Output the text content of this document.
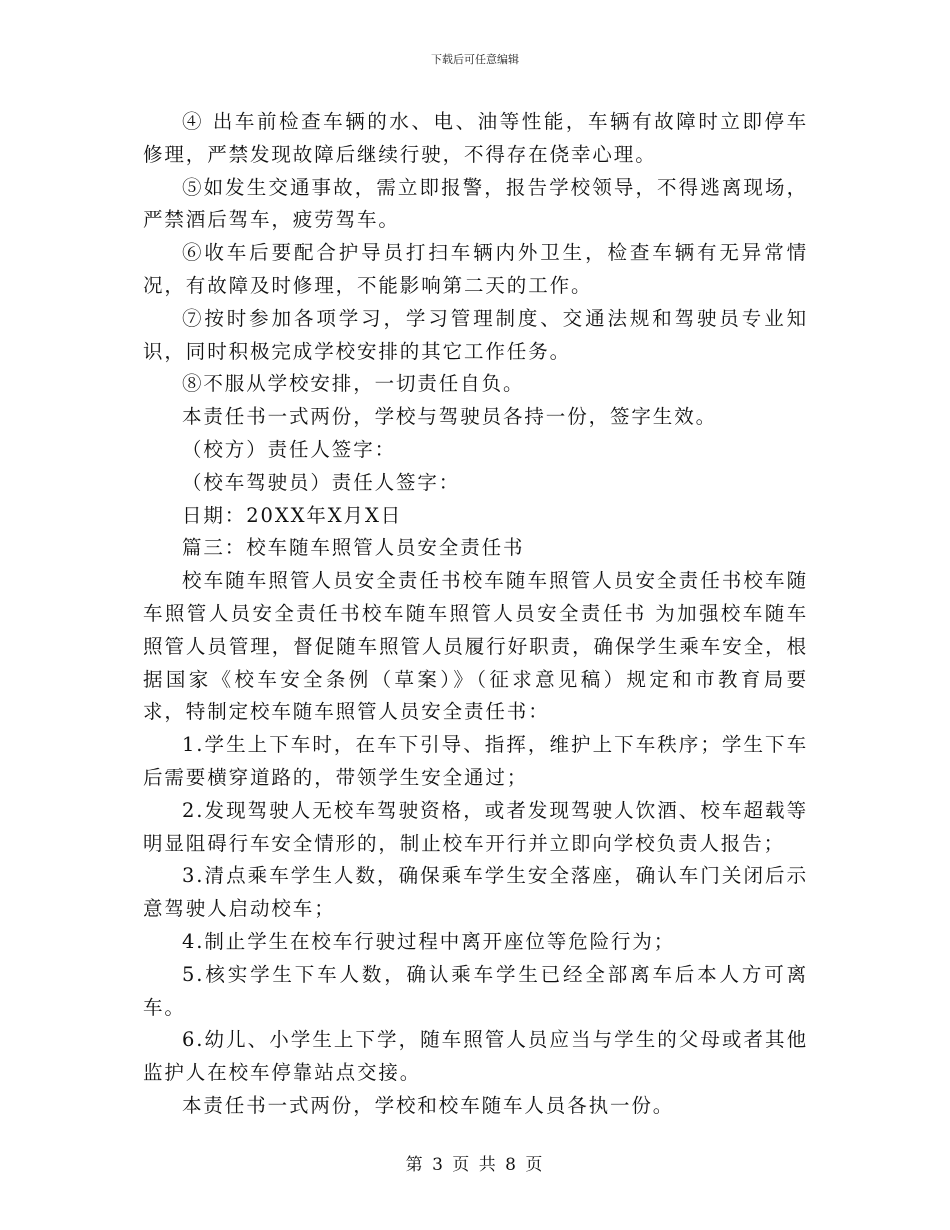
下载后可任意编辑

④ 出车前检查车辆的水、电、油等性能，车辆有故障时立即停车修理，严禁发现故障后继续行驶，不得存在侥幸心理。

⑤如发生交通事故，需立即报警，报告学校领导，不得逃离现场，严禁酒后驾车，疲劳驾车。

⑥收车后要配合护导员打扫车辆内外卫生，检查车辆有无异常情况，有故障及时修理，不能影响第二天的工作。

⑦按时参加各项学习，学习管理制度、交通法规和驾驶员专业知识，同时积极完成学校安排的其它工作任务。

⑧不服从学校安排，一切责任自负。

本责任书一式两份，学校与驾驶员各持一份，签字生效。

（校方）责任人签字：

（校车驾驶员）责任人签字：

日期：20XX年X月X日

篇三：校车随车照管人员安全责任书

校车随车照管人员安全责任书校车随车照管人员安全责任书校车随车照管人员安全责任书校车随车照管人员安全责任书 为加强校车随车照管人员管理，督促随车照管人员履行好职责，确保学生乘车安全，根据国家《校车安全条例（草案）》（征求意见稿）规定和市教育局要求，特制定校车随车照管人员安全责任书：

1.学生上下车时，在车下引导、指挥，维护上下车秩序；学生下车后需要横穿道路的，带领学生安全通过；

2.发现驾驶人无校车驾驶资格，或者发现驾驶人饮酒、校车超载等明显阻碍行车安全情形的，制止校车开行并立即向学校负责人报告；

3.清点乘车学生人数，确保乘车学生安全落座，确认车门关闭后示意驾驶人启动校车；

4.制止学生在校车行驶过程中离开座位等危险行为；

5.核实学生下车人数，确认乘车学生已经全部离车后本人方可离车。

6.幼儿、小学生上下学，随车照管人员应当与学生的父母或者其他监护人在校车停靠站点交接。

本责任书一式两份，学校和校车随车人员各执一份。

第 3 页 共 8 页
